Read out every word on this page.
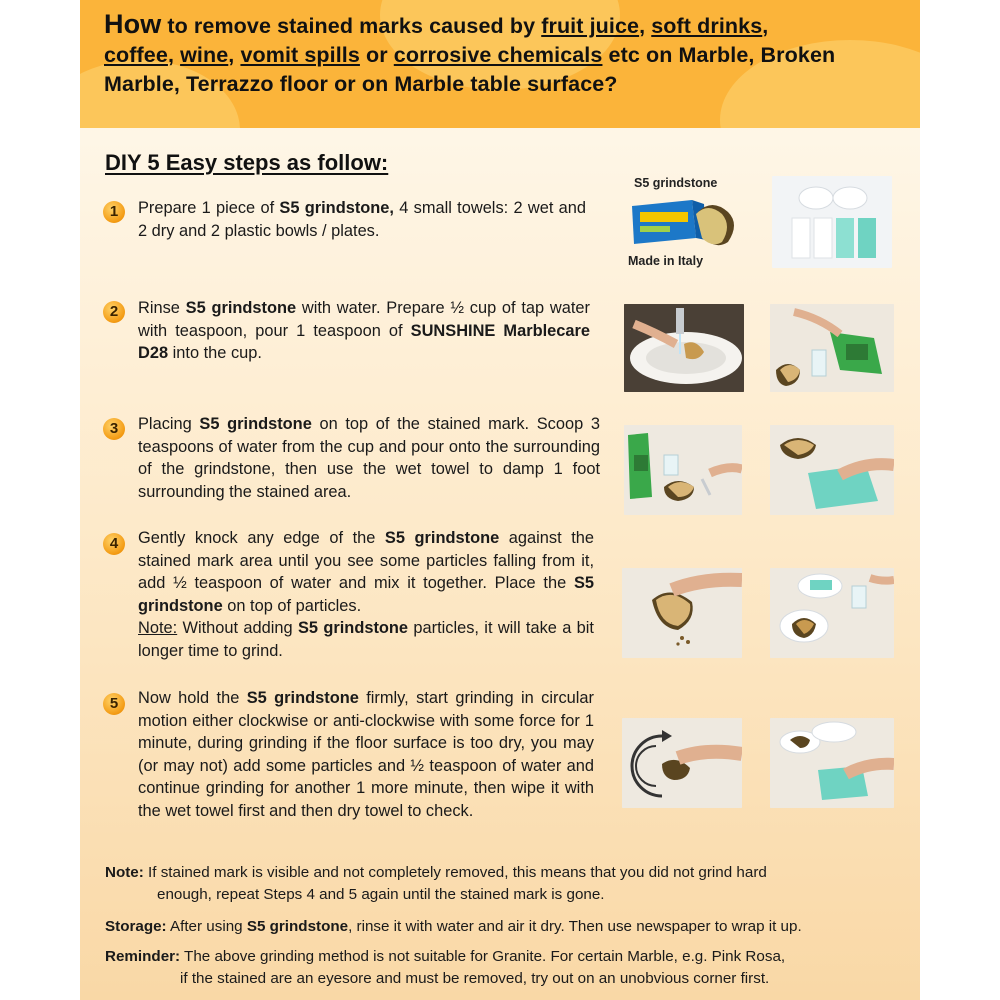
How to remove stained marks caused by fruit juice, soft drinks,
coffee, wine, vomit spills or corrosive chemicals etc on Marble, Broken Marble, Terrazzo floor or on Marble table surface?
DIY 5 Easy steps as follow:
1	Prepare 1 piece of S5 grindstone, 4 small towels: 2 wet and 2 dry and 2 plastic bowls / plates.

S5 grindstone
Made in Italy
2	Rinse S5 grindstone with water. Prepare ½ cup of tap water with teaspoon, pour 1 teaspoon of SUNSHINE Marblecare D28 into the cup.

3	Placing S5 grindstone on top of the stained mark. Scoop 3 teaspoons of water from the cup and pour onto the surrounding of the grindstone, then use the wet towel to damp 1 foot surrounding the stained area.

4	Gently knock any edge of the S5 grindstone against the stained mark area until you see some particles falling from it, add ½ teaspoon of water and mix it together. Place the S5 grindstone on top of particles.
Note: Without adding S5 grindstone particles, it will take a bit longer time to grind.

5	Now hold the S5 grindstone firmly, start grinding in circular motion either clockwise or anti-clockwise with some force for 1 minute, during grinding if the floor surface is too dry, you may (or may not) add some particles and ½ teaspoon of water and continue grinding for another 1 more minute, then wipe it with the wet towel first and then dry towel to check.

Note: If stained mark is visible and not completely removed, this means that you did not grind hard
enough, repeat Steps 4 and 5 again until the stained mark is gone.

Storage: After using S5 grindstone, rinse it with water and air it dry. Then use newspaper to wrap it up.

Reminder: The above grinding method is not suitable for Granite. For certain Marble, e.g. Pink Rosa,
if the stained are an eyesore and must be removed, try out on an unobvious corner first.
